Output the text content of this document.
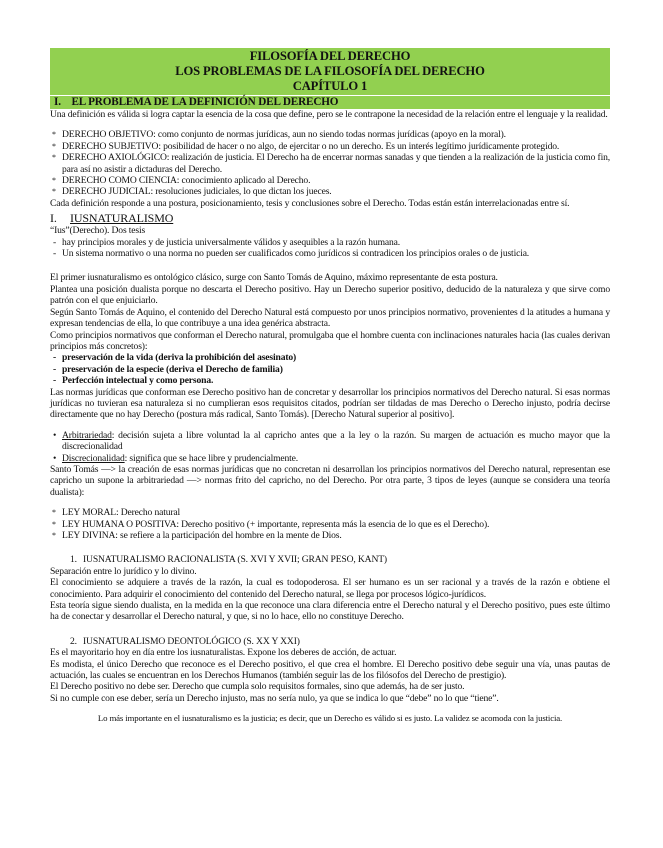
FILOSOFÍA DEL DERECHO
LOS PROBLEMAS DE LA FILOSOFÍA DEL DERECHO
CAPÍTULO 1
I. EL PROBLEMA DE LA DEFINICIÓN DEL DERECHO

Una definición es válida si logra captar la esencia de la cosa que define, pero se le contrapone la necesidad de la relación entre el lenguaje y la realidad.

* DERECHO OBJETIVO: como conjunto de normas jurídicas, aun no siendo todas normas jurídicas (apoyo en la moral).
* DERECHO SUBJETIVO: posibilidad de hacer o no algo, de ejercitar o no un derecho. Es un interés legítimo jurídicamente protegido.
* DERECHO AXIOLÓGICO: realización de justicia. El Derecho ha de encerrar normas sanadas y que tienden a la realización de la justicia como fin, para así no asistir a dictaduras del Derecho.
* DERECHO COMO CIENCIA: conocimiento aplicado al Derecho.
* DERECHO JUDICIAL: resoluciones judiciales, lo que dictan los jueces.

Cada definición responde a una postura, posicionamiento, tesis y conclusiones sobre el Derecho. Todas están están interrelacionadas entre sí.

I. IUSNATURALISMO

“Ius”(Derecho). Dos tesis

- hay principios morales y de justicia universalmente válidos y asequibles a la razón humana.
- Un sistema normativo o una norma no pueden ser cualificados como jurídicos si contradicen los principios orales o de justicia.

El primer iusnaturalismo es ontológico clásico, surge con Santo Tomás de Aquino, máximo representante de esta postura.

Plantea una posición dualista porque no descarta el Derecho positivo. Hay un Derecho superior positivo, deducido de la naturaleza y que sirve como patrón con el que enjuiciarlo.

Según Santo Tomás de Aquino, el contenido del Derecho Natural está compuesto por unos principios normativo, provenientes d la atitudes a humana y expresan tendencias de ella, lo que contribuye a una idea genérica abstracta.

Como principios normativos que conforman el Derecho natural, promulgaba que el hombre cuenta con inclinaciones naturales hacia (las cuales derivan principios más concretos):

- preservación de la vida (deriva la prohibición del asesinato)
- preservación de la especie (deriva el Derecho de familia)
- Perfección intelectual y como persona.

Las normas jurídicas que conforman ese Derecho positivo han de concretar y desarrollar los principios normativos del Derecho natural. Si esas normas jurídicas no tuvieran esa naturaleza si no cumplieran esos requisitos citados, podrían ser tildadas de mas Derecho o Derecho injusto, podría decirse directamente que no hay Derecho (postura más radical, Santo Tomás). [Derecho Natural superior al positivo].

• Arbitrariedad: decisión sujeta a libre voluntad la al capricho antes que a la ley o la razón. Su margen de actuación es mucho mayor que la discrecionalidad
• Discrecionalidad: significa que se hace libre y prudencialmente.

Santo Tomás —> la creación de esas normas jurídicas que no concretan ni desarrollan los principios normativos del Derecho natural, representan ese capricho un supone la arbitrariedad —> normas frito del capricho, no del Derecho. Por otra parte, 3 tipos de leyes (aunque se considera una teoría dualista):

* LEY MORAL: Derecho natural
* LEY HUMANA O POSITIVA: Derecho positivo (+ importante, representa más la esencia de lo que es el Derecho).
* LEY DIVINA: se refiere a la participación del hombre en la mente de Dios.
1. IUSNATURALISMO RACIONALISTA (S. XVI Y XVII; GRAN PESO, KANT)

Separación entre lo jurídico y lo divino.

El conocimiento se adquiere a través de la razón, la cual es todopoderosa. El ser humano es un ser racional y a través de la razón e obtiene el conocimiento. Para adquirir el conocimiento del contenido del Derecho natural, se llega por procesos lógico-jurídicos.

Esta teoría sigue siendo dualista, en la medida en la que reconoce una clara diferencia entre el Derecho natural y el Derecho positivo, pues este último ha de conectar y desarrollar el Derecho natural, y que, si no lo hace, ello no constituye Derecho.

2. IUSNATURALISMO DEONTOLÓGICO (S. XX Y XXI)

Es el mayoritario hoy en día entre los iusnaturalistas. Expone los deberes de acción, de actuar.

Es modista, el único Derecho que reconoce es el Derecho positivo, el que crea el hombre. El Derecho positivo debe seguir una vía, unas pautas de actuación, las cuales se encuentran en los Derechos Humanos (también seguir las de los filósofos del Derecho de prestigio).

El Derecho positivo no debe ser. Derecho que cumpla solo requisitos formales, sino que además, ha de ser justo.

Si no cumple con ese deber, sería un Derecho injusto, mas no sería nulo, ya que se indica lo que “debe” no lo que “tiene”.

Lo más importante en el iusnaturalismo es la justicia; es decir, que un Derecho es válido si es justo. La validez se acomoda con la justicia.
